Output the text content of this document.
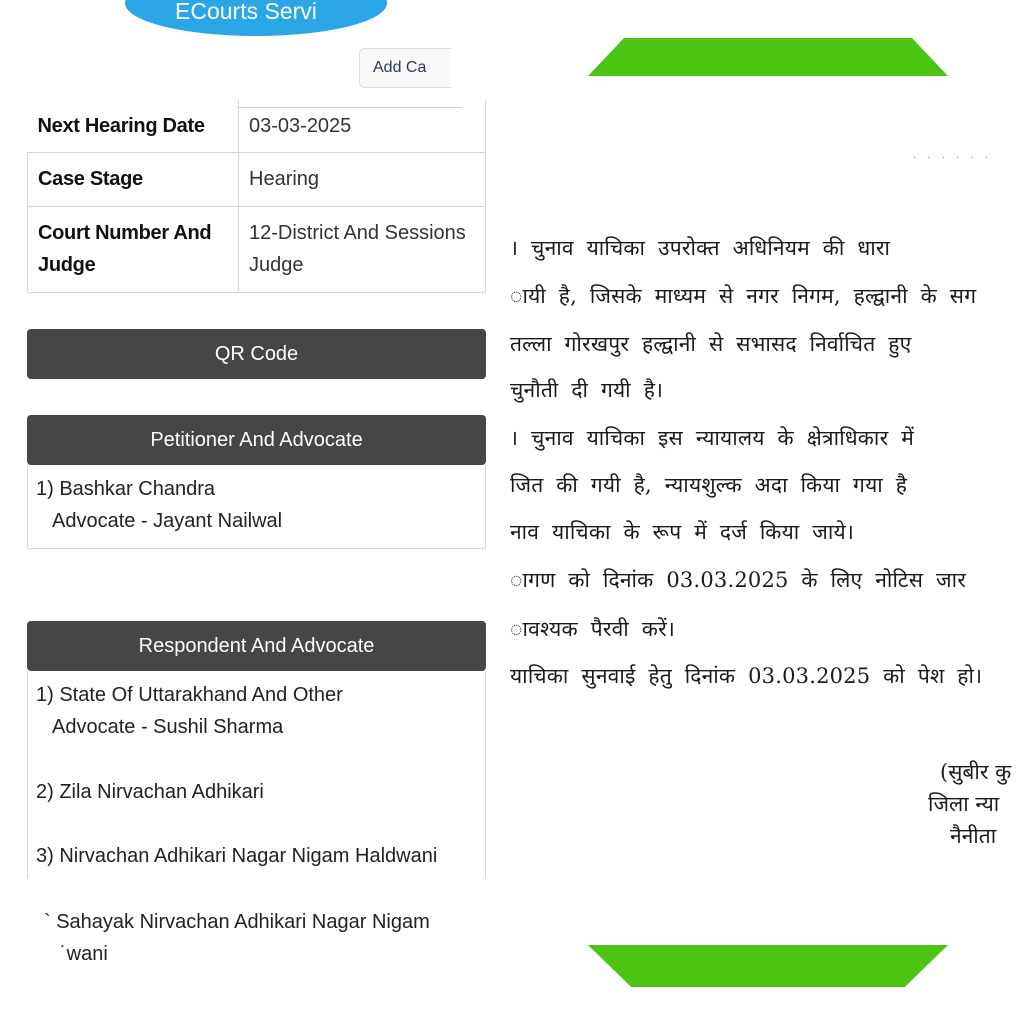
ECourts Servi
Add Ca
Next Hearing Date	03-03-2025
Case Stage	Hearing
Court Number And Judge	12-District And Sessions Judge
QR Code
Petitioner And Advocate
1) Bashkar Chandra
Advocate - Jayant Nailwal
Respondent And Advocate
1) State Of Uttarakhand And Other
Advocate - Sushil Sharma
2) Zila Nirvachan Adhikari
3) Nirvachan Adhikari Nagar Nigam Haldwani
` Sahayak Nirvachan Adhikari Nagar Nigam
˙wani
. . . . . .
। चुनाव याचिका उपरोक्त अधिनियम की धारा
ायी है, जिसके माध्यम से नगर निगम, हल्द्वानी के सग
तल्ला गोरखपुर हल्द्वानी से सभासद निर्वाचित हुए
चुनौती दी गयी है।
। चुनाव याचिका इस न्यायालय के क्षेत्राधिकार में
जित की गयी है, न्यायशुल्क अदा किया गया है
नाव याचिका के रूप में दर्ज किया जाये।
ागण को दिनांक 03.03.2025 के लिए नोटिस जार
ावश्यक पैरवी करें।
याचिका सुनवाई हेतु दिनांक 03.03.2025 को पेश हो।
(सुबीर कु
जिला न्या
नैनीता
